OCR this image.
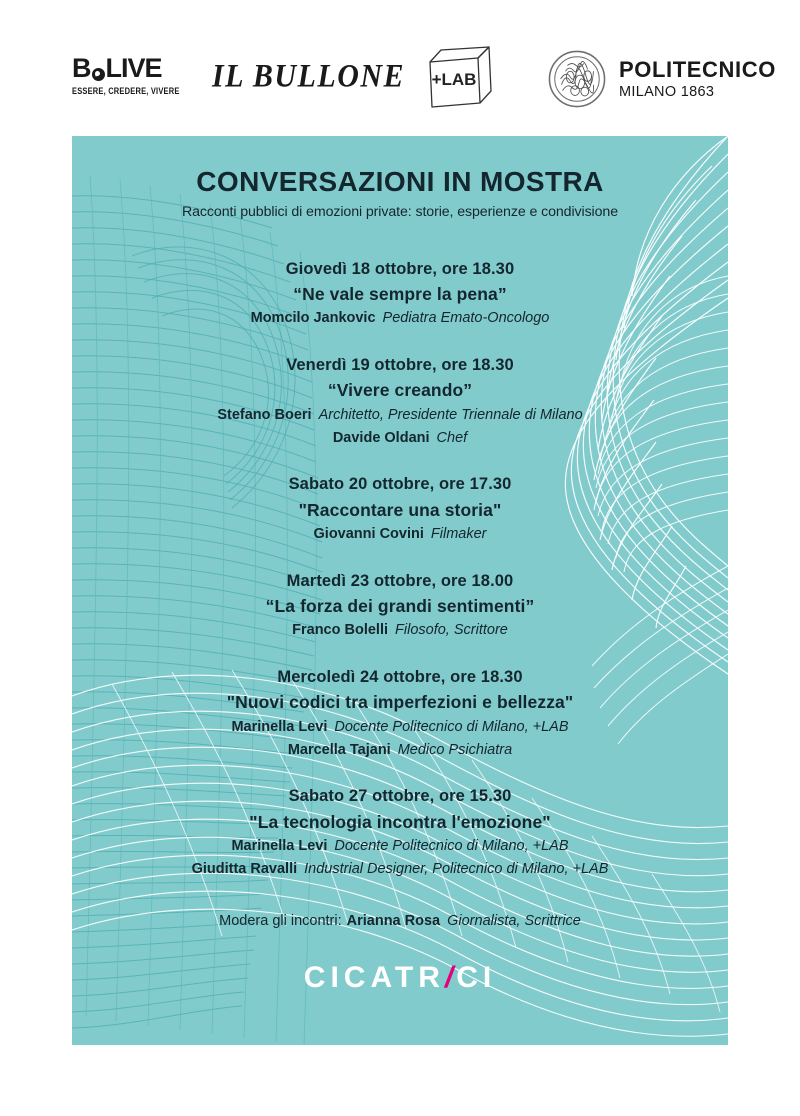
B LIVE
ESSERE, CREDERE, VIVERE	IL BULLONE +LAB	POLITECNICO
MILANO 1863
CONVERSAZIONI IN MOSTRA
Racconti pubblici di emozioni private: storie, esperienze e condivisione
Giovedì 18 ottobre, ore 18.30
“Ne vale sempre la pena”
Momcilo Jankovic Pediatra Emato-Oncologo
Venerdì 19 ottobre, ore 18.30
“Vivere creando”
Stefano Boeri Architetto, Presidente Triennale di Milano
Davide Oldani Chef
Sabato 20 ottobre, ore 17.30
"Raccontare una storia"
Giovanni Covini Filmaker
Martedì 23 ottobre, ore 18.00
“La forza dei grandi sentimenti”
Franco Bolelli Filosofo, Scrittore
Mercoledì 24 ottobre, ore 18.30
"Nuovi codici tra imperfezioni e bellezza"
Marinella Levi Docente Politecnico di Milano, +LAB
Marcella Tajani Medico Psichiatra
Sabato 27 ottobre, ore 15.30
"La tecnologia incontra l'emozione"
Marinella Levi Docente Politecnico di Milano, +LAB
Giuditta Ravalli Industrial Designer, Politecnico di Milano, +LAB
Modera gli incontri: Arianna Rosa Giornalista, Scrittrice
CICATR/CI
